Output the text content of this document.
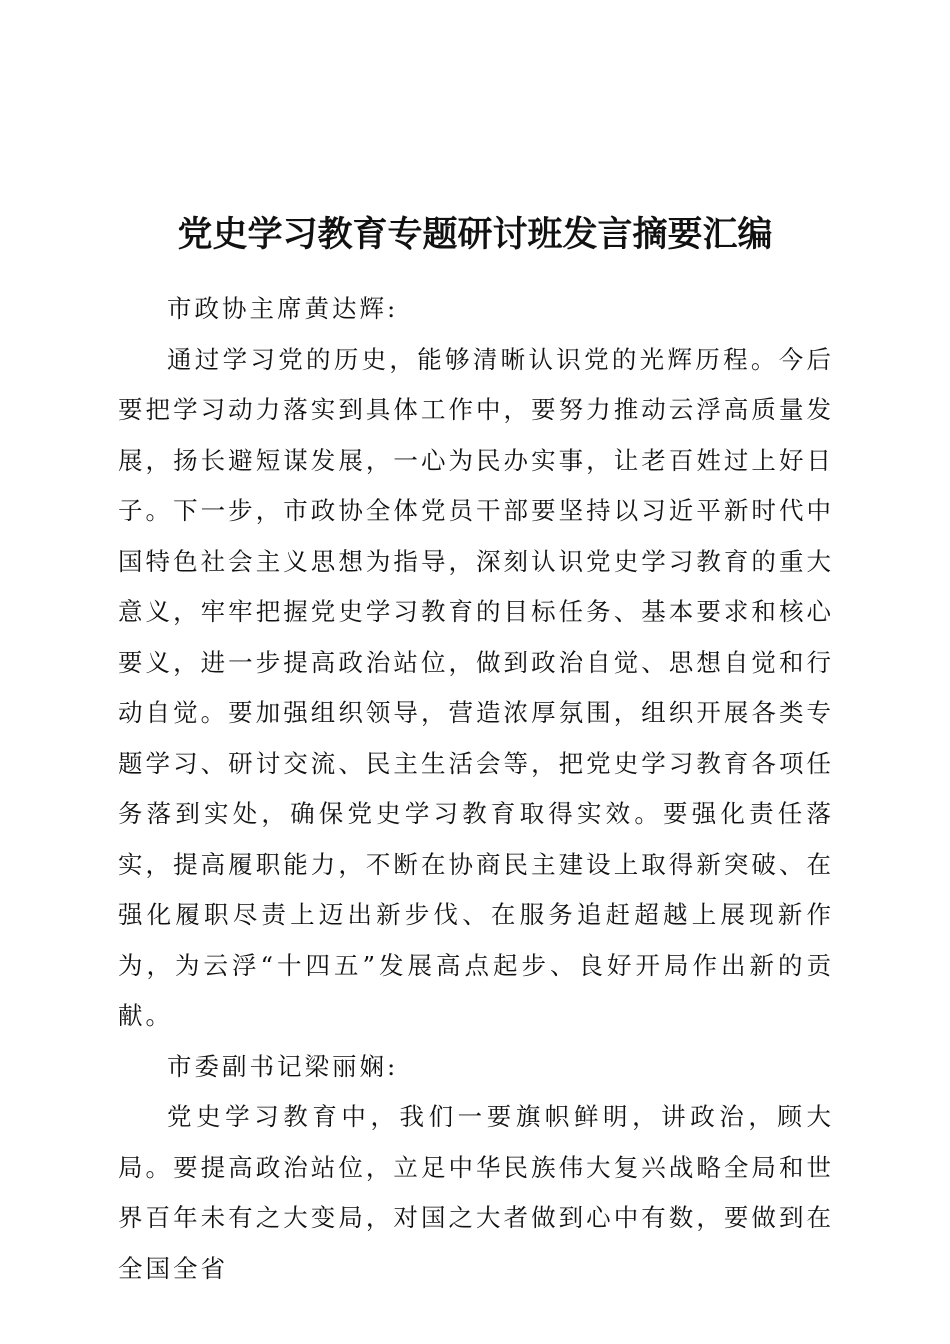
党史学习教育专题研讨班发言摘要汇编

市政协主席黄达辉:

通过学习党的历史，能够清晰认识党的光辉历程。今后要把学习动力落实到具体工作中，要努力推动云浮高质量发展，扬长避短谋发展，一心为民办实事，让老百姓过上好日子。下一步，市政协全体党员干部要坚持以习近平新时代中国特色社会主义思想为指导，深刻认识党史学习教育的重大意义，牢牢把握党史学习教育的目标任务、基本要求和核心要义，进一步提高政治站位，做到政治自觉、思想自觉和行动自觉。要加强组织领导，营造浓厚氛围，组织开展各类专题学习、研讨交流、民主生活会等，把党史学习教育各项任务落到实处，确保党史学习教育取得实效。要强化责任落实，提高履职能力，不断在协商民主建设上取得新突破、在强化履职尽责上迈出新步伐、在服务追赶超越上展现新作为，为云浮“十四五”发展高点起步、良好开局作出新的贡献。

市委副书记梁丽娴:

党史学习教育中，我们一要旗帜鲜明，讲政治，顾大局。要提高政治站位，立足中华民族伟大复兴战略全局和世界百年未有之大变局，对国之大者做到心中有数，要做到在全国全省
